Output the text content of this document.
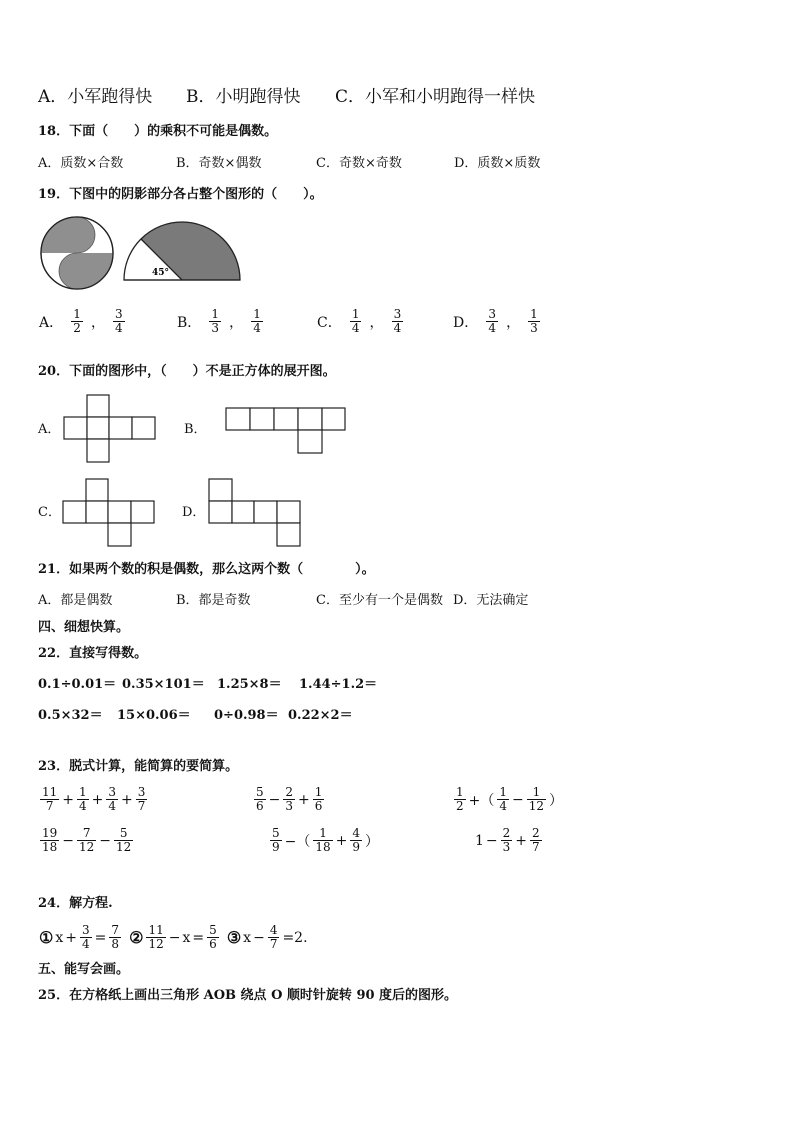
A．小军跑得快 B．小明跑得快 C．小军和小明跑得一样快
18．下面（　　）的乘积不可能是偶数。
A．质数×合数	B．奇数×偶数	C．奇数×奇数	D．质数×质数
19．下图中的阴影部分各占整个图形的（　　）。
45°
A． $\frac{1}{2}$ ， $\frac{3}{4}$	B． $\frac{1}{3}$ ， $\frac{1}{4}$	C． $\frac{1}{4}$ ， $\frac{3}{4}$	D． $\frac{3}{4}$ ， $\frac{1}{3}$
20．下面的图形中，（　　）不是正方体的展开图。
A．	B．
C．	D．
21．如果两个数的积是偶数，那么这两个数（　　　　）。
A．都是偶数	B．都是奇数	C．至少有一个是偶数 D．无法确定
四、细想快算。
22．直接写得数。
0.1÷0.01＝ 0.35×101＝ 1.25×8＝ 1.44÷1.2＝
0.5×32＝ 15×0.06＝ 0÷0.98＝ 0.22×2＝
23．脱式计算，能简算的要简算。
$\frac{11}{7} + \frac{1}{4} + \frac{3}{4} + \frac{3}{7}$	$\frac{5}{6} - \frac{2}{3} + \frac{1}{6}$	$\frac{1}{2}$ +（ $\frac{1}{4} - \frac{1}{12}$ ）
$\frac{19}{18} - \frac{7}{12} - \frac{5}{12}$	$\frac{5}{9}$ −（ $\frac{1}{18} + \frac{4}{9}$ ）	$1 - \frac{2}{3} + \frac{2}{7}$
24．解方程.
① $x + \frac{3}{4} = \frac{7}{8}$ ② $\frac{11}{12} - x = \frac{5}{6}$ ③ $x - \frac{4}{7} =2$.
五、能写会画。
25．在方格纸上画出三角形 AOB 绕点 O 顺时针旋转 90 度后的图形。
